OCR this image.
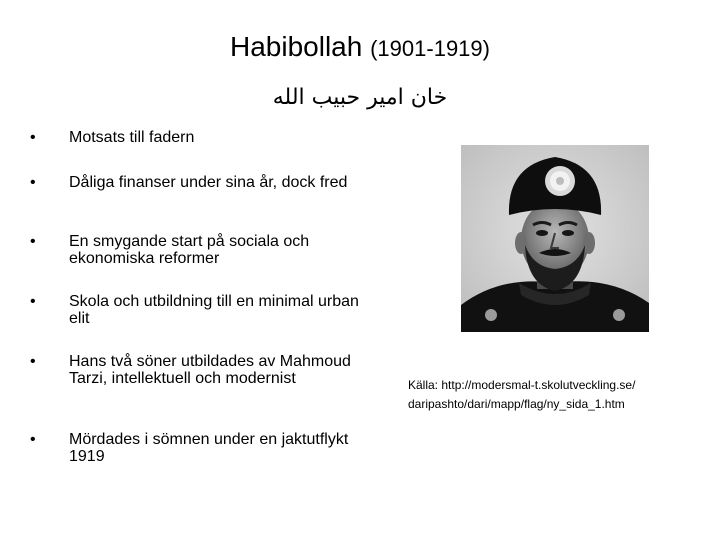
Habibollah (1901-1919)
خان امیر حبیب الله
•	Motsats till fadern
•	Dåliga finanser under sina år, dock fred
•	En smygande start på sociala och ekonomiska reformer
•	Skola och utbildning till en minimal urban elit
•	Hans två söner utbildades av Mahmoud Tarzi, intellektuell och modernist
•	Mördades i sömnen under en jaktutflykt 1919
Källa: http://modersmal-t.skolutveckling.se/
daripashto/dari/mapp/flag/ny_sida_1.htm
